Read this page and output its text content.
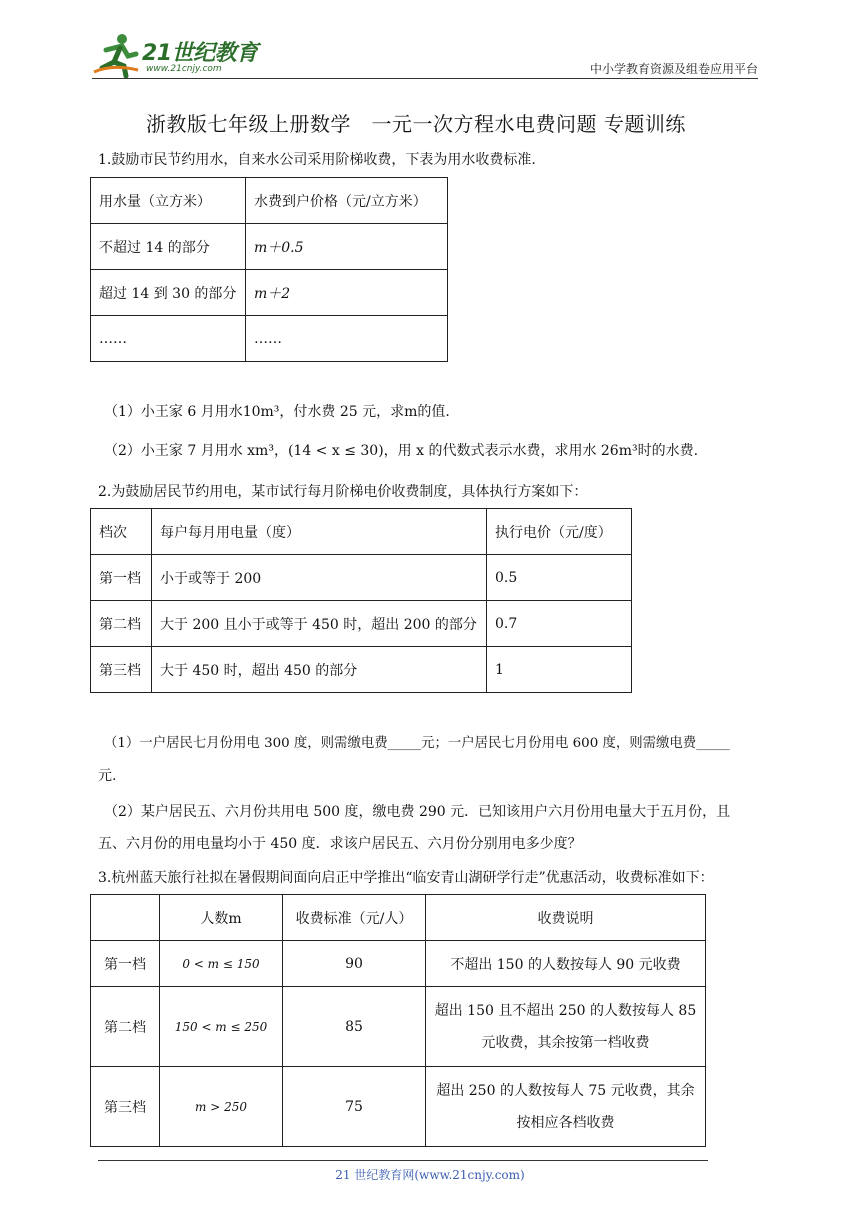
21世纪教育
www.21cnjy.com	中小学教育资源及组卷应用平台
浙教版七年级上册数学　一元一次方程水电费问题 专题训练
1.鼓励市民节约用水，自来水公司采用阶梯收费，下表为用水收费标准.
用水量（立方米）	水费到户价格（元/立方米）
不超过 14 的部分	m＋0.5
超过 14 到 30 的部分	m＋2
……	……
（1）小王家 6 月用水10m³，付水费 25 元，求m的值.
（2）小王家 7 月用水 xm³，(14 < x ≤ 30)，用 x 的代数式表示水费，求用水 26m³时的水费.
2.为鼓励居民节约用电，某市试行每月阶梯电价收费制度，具体执行方案如下：
档次	每户每月用电量（度）	执行电价（元/度）
第一档	小于或等于 200	0.5
第二档	大于 200 且小于或等于 450 时，超出 200 的部分	0.7
第三档	大于 450 时，超出 450 的部分	1
（1）一户居民七月份用电 300 度，则需缴电费_____元；一户居民七月份用电 600 度，则需缴电费_____
元.
（2）某户居民五、六月份共用电 500 度，缴电费 290 元．已知该用户六月份用电量大于五月份，且
五、六月份的用电量均小于 450 度．求该户居民五、六月份分别用电多少度？
3.杭州蓝天旅行社拟在暑假期间面向启正中学推出“临安青山湖研学行走”优惠活动，收费标准如下：
	人数m	收费标准（元/人）	收费说明
第一档	0 < m ≤ 150	90	不超出 150 的人数按每人 90 元收费
第二档	150 < m ≤ 250	85	超出 150 且不超出 250 的人数按每人 85
元收费，其余按第一档收费

第三档	m > 250	75	超出 250 的人数按每人 75 元收费，其余
按相应各档收费
21 世纪教育网(www.21cnjy.com)
